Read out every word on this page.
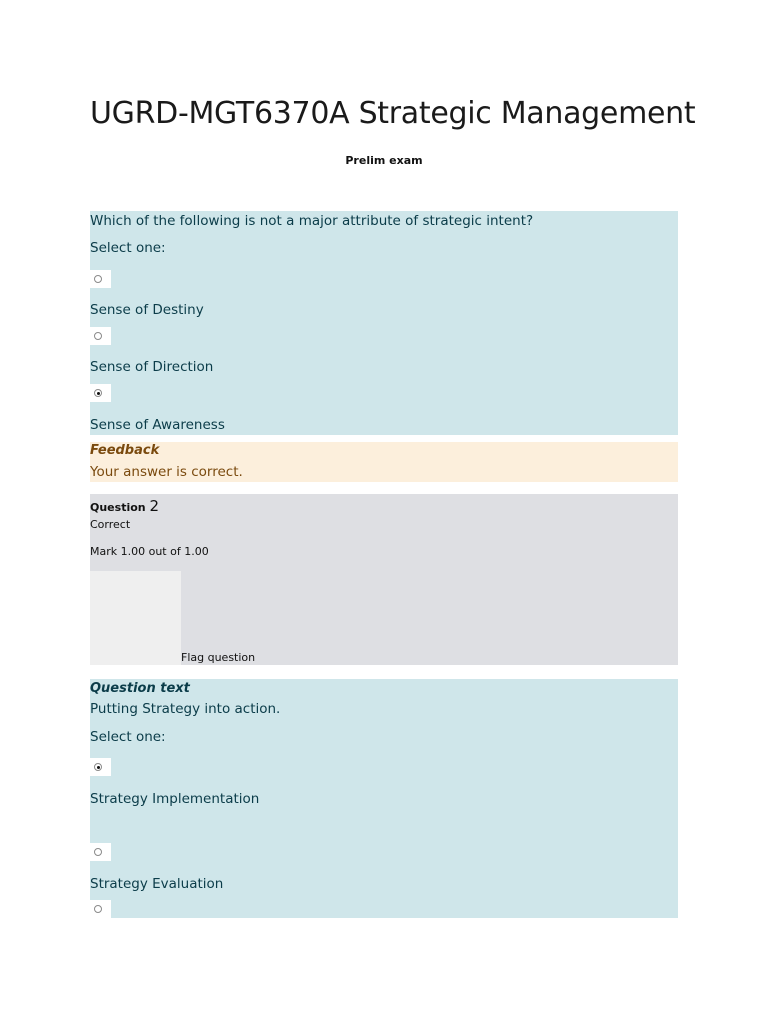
UGRD-MGT6370A Strategic Management
Prelim exam
Which of the following is not a major attribute of strategic intent?
Select one:
Sense of Destiny
Sense of Direction
Sense of Awareness
Feedback
Your answer is correct.
Question 2
Correct
Mark 1.00 out of 1.00
Flag question
Question text
Putting Strategy into action.
Select one:
Strategy Implementation
Strategy Evaluation
